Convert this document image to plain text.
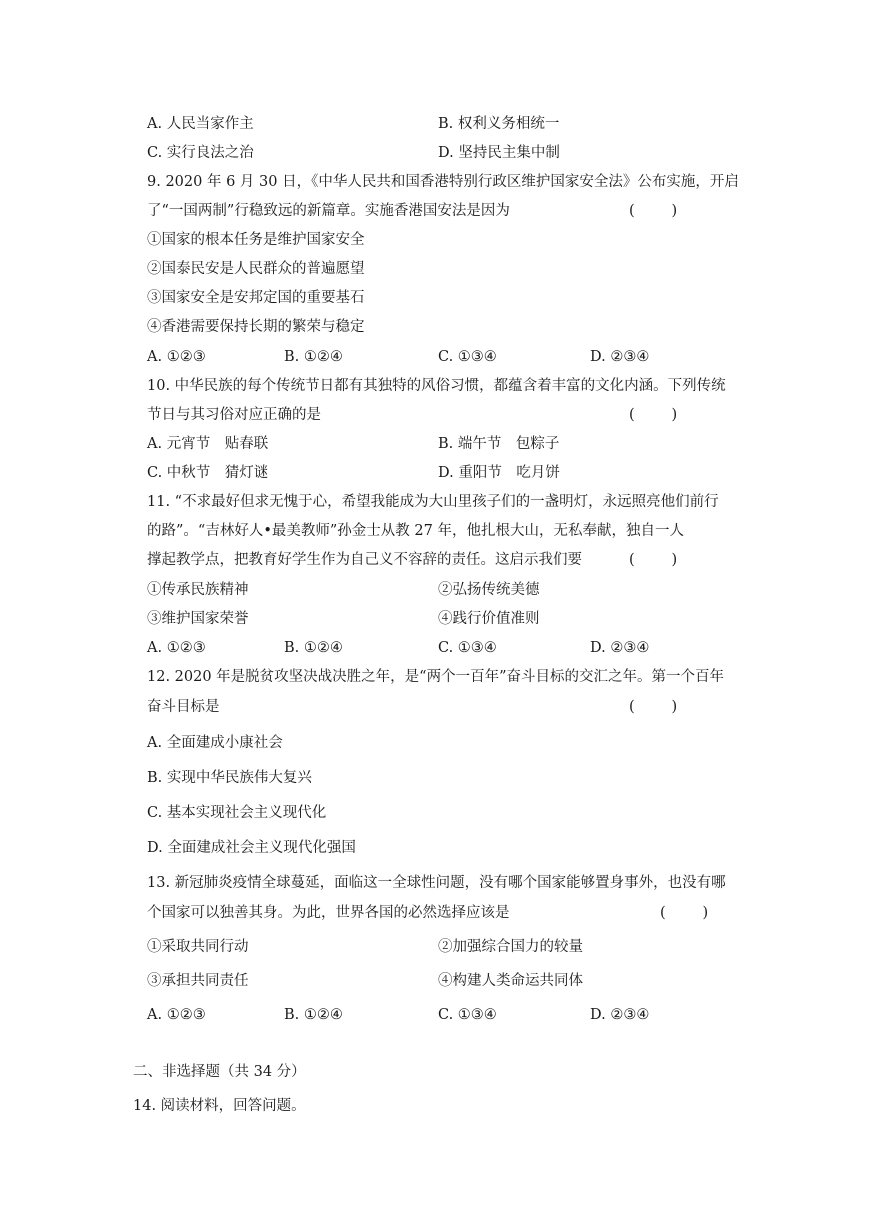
A. 人民当家作主	B. 权利义务相统一
C. 实行良法之治	D. 坚持民主集中制
9. 2020 年 6 月 30 日，《中华人民共和国香港特别行政区维护国家安全法》公布实施，开启
了“一国两制”行稳致远的新篇章。实施香港国安法是因为	(        )
①国家的根本任务是维护国家安全
②国泰民安是人民群众的普遍愿望
③国家安全是安邦定国的重要基石
④香港需要保持长期的繁荣与稳定
A. ①②③	B. ①②④	C. ①③④	D. ②③④
10. 中华民族的每个传统节日都有其独特的风俗习惯，都蕴含着丰富的文化内涵。下列传统
节日与其习俗对应正确的是	(        )
A. 元宵节　贴春联	B. 端午节　包粽子
C. 中秋节　猜灯谜	D. 重阳节　吃月饼
11. “不求最好但求无愧于心，希望我能成为大山里孩子们的一盏明灯，永远照亮他们前行
的路”。“吉林好人•最美教师”孙金士从教 27 年，他扎根大山，无私奉献，独自一人
撑起教学点，把教育好学生作为自己义不容辞的责任。这启示我们要	(        )
①传承民族精神	②弘扬传统美德
③维护国家荣誉	④践行价值准则
A. ①②③	B. ①②④	C. ①③④	D. ②③④
12. 2020 年是脱贫攻坚决战决胜之年，是“两个一百年”奋斗目标的交汇之年。第一个百年
奋斗目标是	(        )
A. 全面建成小康社会
B. 实现中华民族伟大复兴
C. 基本实现社会主义现代化
D. 全面建成社会主义现代化强国
13. 新冠肺炎疫情全球蔓延，面临这一全球性问题，没有哪个国家能够置身事外，也没有哪
个国家可以独善其身。为此，世界各国的必然选择应该是	(        )
①采取共同行动	②加强综合国力的较量
③承担共同责任	④构建人类命运共同体
A. ①②③	B. ①②④	C. ①③④	D. ②③④
二、非选择题（共 34 分）
14. 阅读材料，回答问题。
